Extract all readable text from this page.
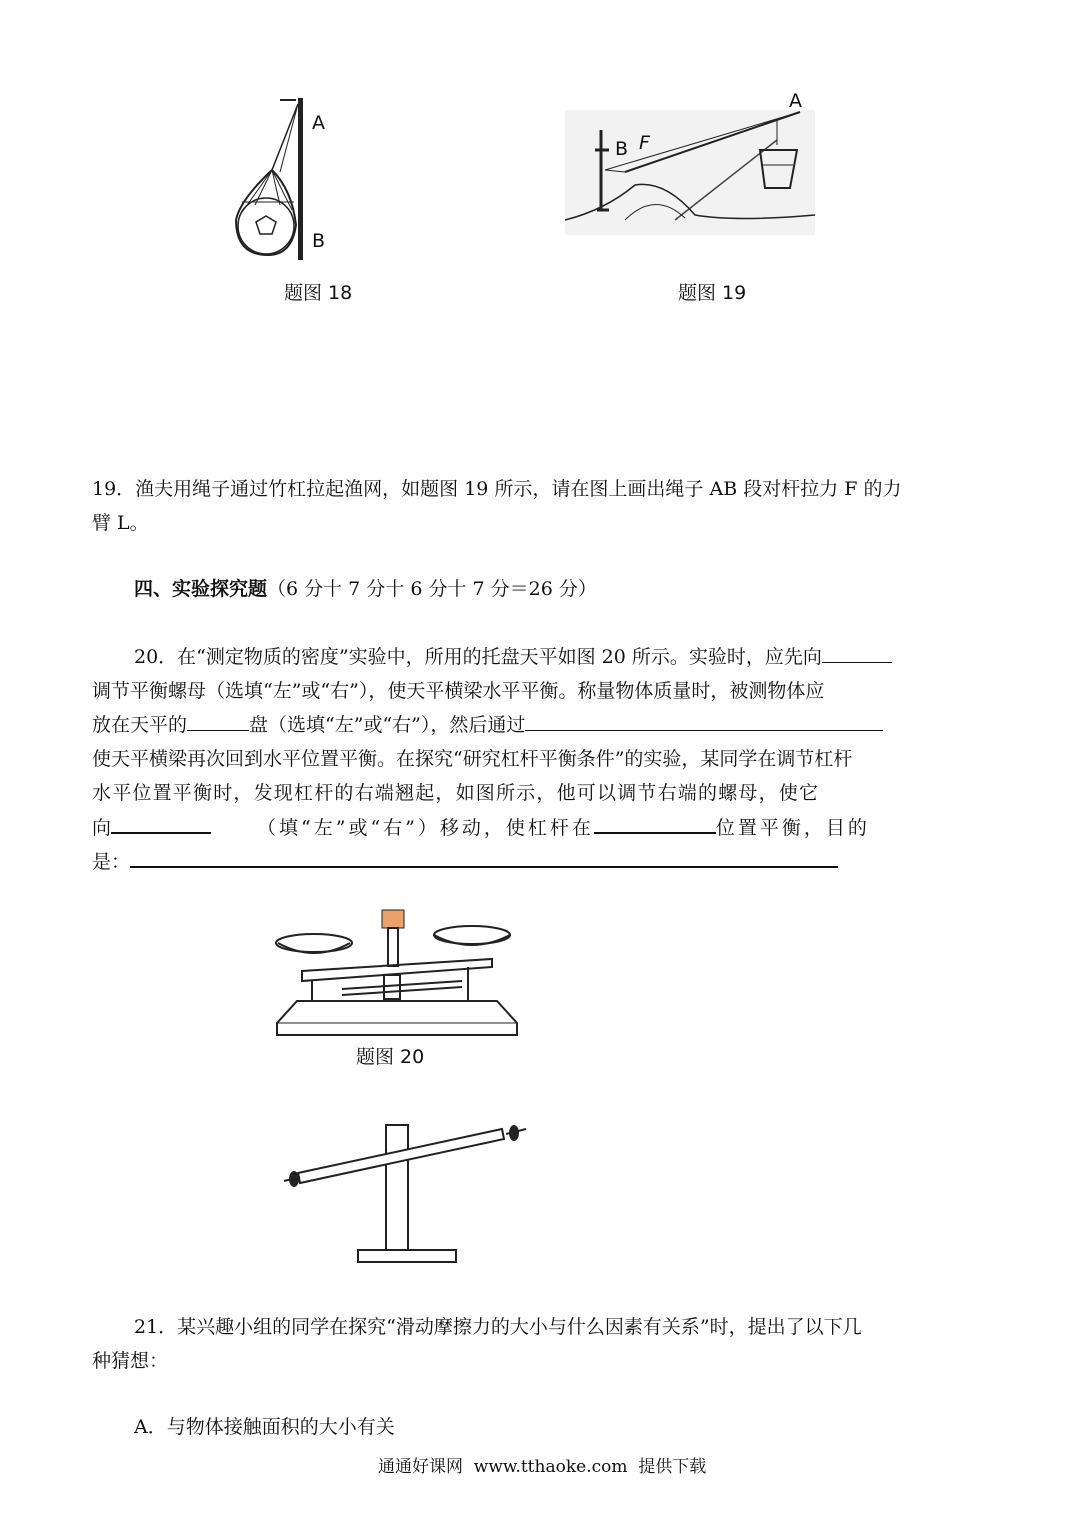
A
B
题图 18
A
B F
题图 19
19．渔夫用绳子通过竹杠拉起渔网，如题图 19 所示，请在图上画出绳子 AB 段对杆拉力 F 的力
臂 L。
四、实验探究题（6 分十 7 分十 6 分十 7 分＝26 分）
20．在“测定物质的密度”实验中，所用的托盘天平如图 20 所示。实验时，应先向
调节平衡螺母（选填“左”或“右”），使天平横梁水平平衡。称量物体质量时，被测物体应
放在天平的	盘（选填“左”或“右”），然后通过
使天平横梁再次回到水平位置平衡。在探究“研究杠杆平衡条件”的实验，某同学在调节杠杆
水平位置平衡时，发现杠杆的右端翘起，如图所示，他可以调节右端的螺母，使它
向	（填“左”或“右”）移动，使杠杆在	位置平衡，目的
是：
题图 20
21．某兴趣小组的同学在探究“滑动摩擦力的大小与什么因素有关系”时，提出了以下几
种猜想：
A．与物体接触面积的大小有关
通通好课网  www.tthaoke.com  提供下载
